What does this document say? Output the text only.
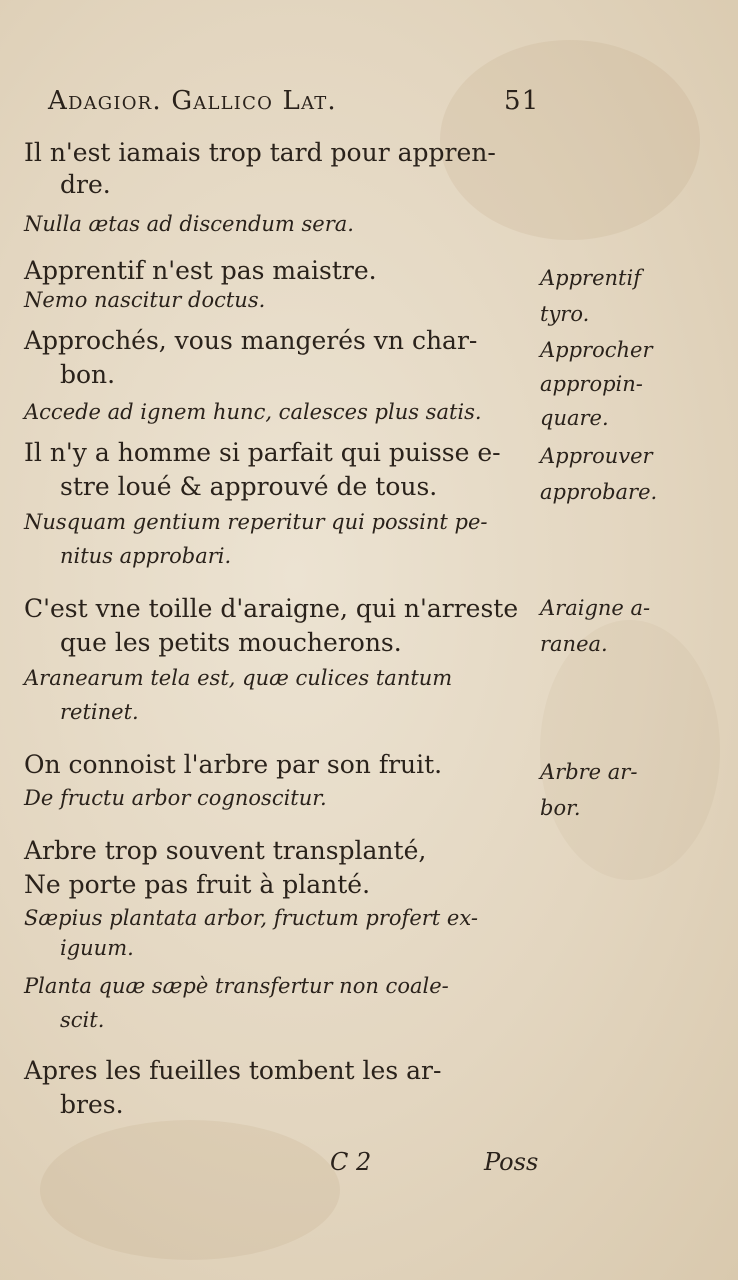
Adagior. Gallico Lat.	51
Il n'est iamais trop tard pour appren-
dre.
Nulla ætas ad discendum sera.
Apprentif n'est pas maistre.
Nemo nascitur doctus.
Approchés, vous mangerés vn char-
bon.
Accede ad ignem hunc, calesces plus satis.
Il n'y a homme si parfait qui puisse e-
stre loué & approuvé de tous.
Nusquam gentium reperitur qui possint pe-
nitus approbari.
C'est vne toille d'araigne, qui n'arreste
que les petits moucherons.
Aranearum tela est, quæ culices tantum
retinet.
On connoist l'arbre par son fruit.
De fructu arbor cognoscitur.
Arbre trop souvent transplanté,
Ne porte pas fruit à planté.
Sæpius plantata arbor, fructum profert ex-
iguum.
Planta quæ sæpè transfertur non coale-
scit.
Apres les fueilles tombent les ar-
bres.
Apprentif
tyro.
Approcher
appropin-
quare.
Approuver
approbare.
Araigne a-
ranea.
Arbre ar-
bor.
C 2	Poss
